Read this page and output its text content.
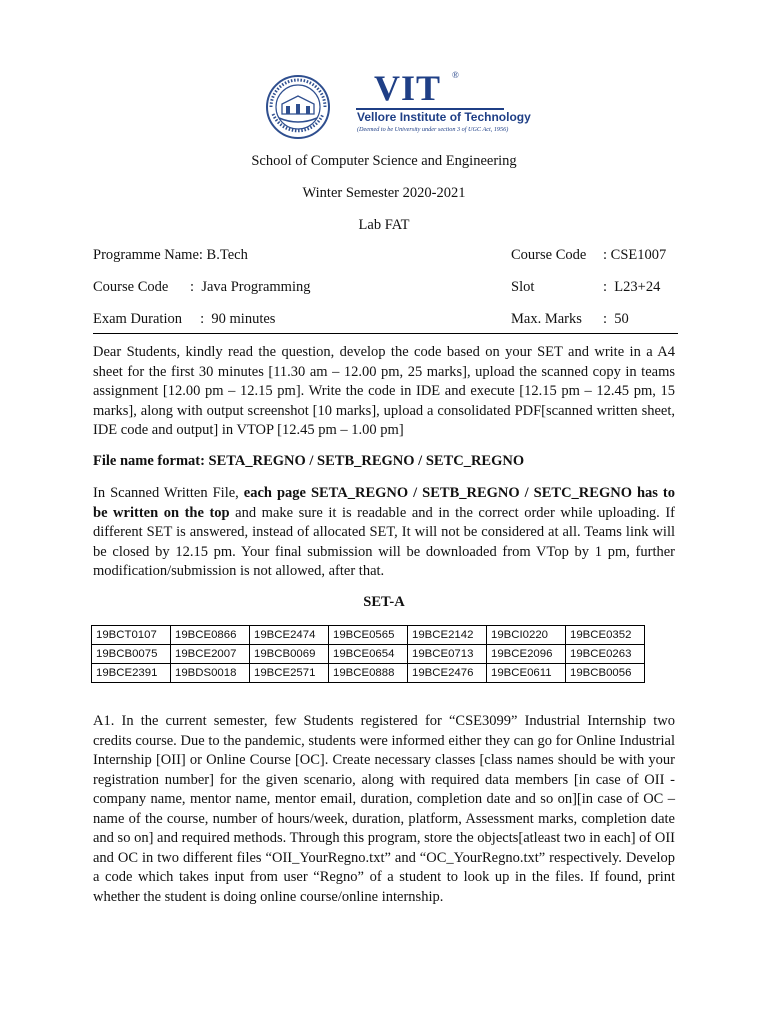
VIT ®
Vellore Institute of Technology
(Deemed to be University under section 3 of UGC Act, 1956)
School of Computer Science and Engineering
Winter Semester 2020-2021
Lab FAT
Programme Name: B.Tech	Course Code : CSE1007
Course Code      :  Java Programming	Slot	:  L23+24
Exam Duration     :  90 minutes	Max. Marks :  50
Dear Students, kindly read the question, develop the code based on your SET and write in a A4 sheet for the first 30 minutes [11.30 am – 12.00 pm, 25 marks], upload the scanned copy in teams assignment [12.00 pm – 12.15 pm]. Write the code in IDE and execute [12.15 pm – 12.45 pm, 15 marks], along with output screenshot [10 marks], upload a consolidated PDF[scanned written sheet, IDE code and output] in VTOP [12.45 pm – 1.00 pm]
File name format: SETA_REGNO / SETB_REGNO / SETC_REGNO
In Scanned Written File, each page SETA_REGNO / SETB_REGNO / SETC_REGNO has to be written on the top and make sure it is readable and in the correct order while uploading. If different SET is answered, instead of allocated SET, It will not be considered at all. Teams link will be closed by 12.15 pm. Your final submission will be downloaded from VTop by 1 pm, further modification/submission is not allowed, after that.
SET-A
19BCT0107	19BCE0866	19BCE2474	19BCE0565	19BCE2142	19BCI0220	19BCE0352
19BCB0075	19BCE2007	19BCB0069	19BCE0654	19BCE0713	19BCE2096	19BCE0263
19BCE2391	19BDS0018	19BCE2571	19BCE0888	19BCE2476	19BCE0611	19BCB0056
A1. In the current semester, few Students registered for “CSE3099” Industrial Internship two credits course. Due to the pandemic, students were informed either they can go for Online Industrial Internship [OII] or Online Course [OC]. Create necessary classes [class names should be with your registration number] for the given scenario, along with required data members [in case of OII - company name, mentor name, mentor email, duration, completion date and so on][in case of OC – name of the course, number of hours/week, duration, platform, Assessment marks, completion date and so on] and required methods. Through this program, store the objects[atleast two in each] of OII and OC in two different files “OII_YourRegno.txt” and “OC_YourRegno.txt” respectively. Develop a code which takes input from user “Regno” of a student to look up in the files. If found, print whether the student is doing online course/online internship.
